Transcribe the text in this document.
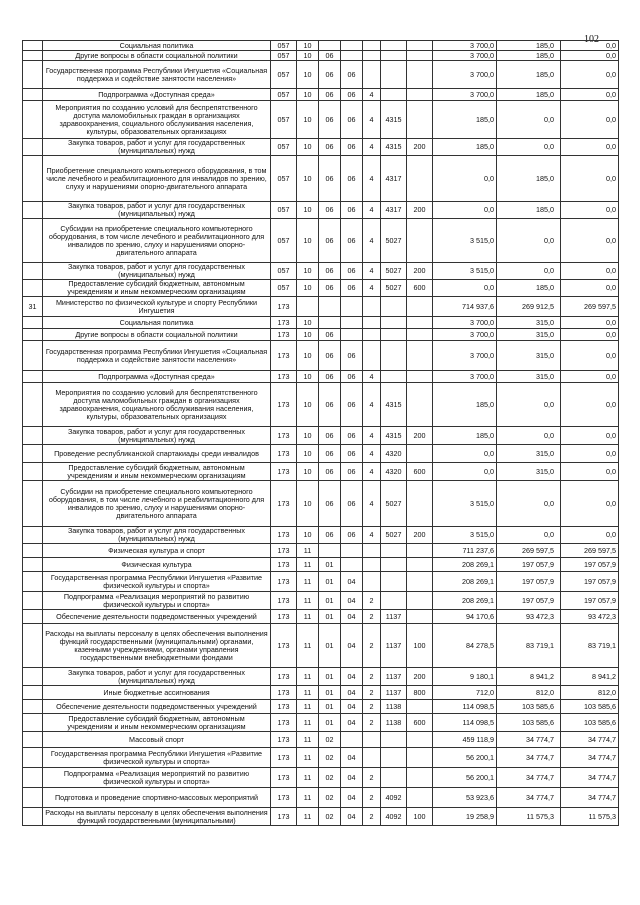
102
	Социальная политика	057	10						3 700,0	185,0	0,0
	Другие вопросы в области социальной политики	057	10	06					3 700,0	185,0	0,0
	Государственная программа Республики Ингушетия «Социальная поддержка и содействие занятости населения»	057	10	06	06				3 700,0	185,0	0,0
	Подпрограмма «Доступная среда»	057	10	06	06	4			3 700,0	185,0	0,0
	Мероприятия по созданию условий для беспрепятственного доступа маломобильных граждан в организациях здравоохранения, социального обслуживания населения, культуры, образовательных организациях	057	10	06	06	4	4315		185,0	0,0	0,0
	Закупка товаров, работ и услуг для государственных (муниципальных) нужд	057	10	06	06	4	4315	200	185,0	0,0	0,0
	Приобретение специального компьютерного оборудования, в том числе лечебного и реабилитационного для инвалидов по зрению, слуху и нарушениями опорно-двигательного аппарата	057	10	06	06	4	4317		0,0	185,0	0,0
	Закупка товаров, работ и услуг для государственных (муниципальных) нужд	057	10	06	06	4	4317	200	0,0	185,0	0,0
	Субсидии на приобретение специального компьютерного оборудования, в том числе лечебного и реабилитационного для инвалидов по зрению, слуху и нарушениями опорно-двигательного аппарата	057	10	06	06	4	5027		3 515,0	0,0	0,0
	Закупка товаров, работ и услуг для государственных (муниципальных) нужд	057	10	06	06	4	5027	200	3 515,0	0,0	0,0
	Предоставление субсидий бюджетным, автономным учреждениям и иным некоммерческим организациям	057	10	06	06	4	5027	600	0,0	185,0	0,0
31	Министерство по физической культуре и спорту Республики Ингушетия	173							714 937,6	269 912,5	269 597,5
	Социальная политика	173	10						3 700,0	315,0	0,0
	Другие вопросы в области социальной политики	173	10	06					3 700,0	315,0	0,0
	Государственная программа Республики Ингушетия «Социальная поддержка и содействие занятости населения»	173	10	06	06				3 700,0	315,0	0,0
	Подпрограмма «Доступная среда»	173	10	06	06	4			3 700,0	315,0	0,0
	Мероприятия по созданию условий для беспрепятственного доступа маломобильных граждан в организациях здравоохранения, социального обслуживания населения, культуры, образовательных организациях	173	10	06	06	4	4315		185,0	0,0	0,0
	Закупка товаров, работ и услуг для государственных (муниципальных) нужд	173	10	06	06	4	4315	200	185,0	0,0	0,0
	Проведение республиканской спартакиады среди инвалидов	173	10	06	06	4	4320		0,0	315,0	0,0
	Предоставление субсидий бюджетным, автономным учреждениям и иным некоммерческим организациям	173	10	06	06	4	4320	600	0,0	315,0	0,0
	Субсидии на приобретение специального компьютерного оборудования, в том числе лечебного и реабилитационного для инвалидов по зрению, слуху и нарушениями опорно-двигательного аппарата	173	10	06	06	4	5027		3 515,0	0,0	0,0
	Закупка товаров, работ и услуг для государственных (муниципальных) нужд	173	10	06	06	4	5027	200	3 515,0	0,0	0,0
	Физическая культура и спорт	173	11						711 237,6	269 597,5	269 597,5
	Физическая культура	173	11	01					208 269,1	197 057,9	197 057,9
	Государственная программа Республики Ингушетия «Развитие физической культуры и спорта»	173	11	01	04				208 269,1	197 057,9	197 057,9
	Подпрограмма «Реализация мероприятий по развитию физической культуры и спорта»	173	11	01	04	2			208 269,1	197 057,9	197 057,9
	Обеспечение деятельности подведомственных учреждений	173	11	01	04	2	1137		94 170,6	93 472,3	93 472,3
	Расходы на выплаты персоналу в целях обеспечения выполнения функций государственными (муниципальными) органами, казенными учреждениями, органами управления государственными внебюджетными фондами	173	11	01	04	2	1137	100	84 278,5	83 719,1	83 719,1
	Закупка товаров, работ и услуг для государственных (муниципальных) нужд	173	11	01	04	2	1137	200	9 180,1	8 941,2	8 941,2
	Иные бюджетные ассигнования	173	11	01	04	2	1137	800	712,0	812,0	812,0
	Обеспечение деятельности подведомственных учреждений	173	11	01	04	2	1138		114 098,5	103 585,6	103 585,6
	Предоставление субсидий бюджетным, автономным учреждениям и иным некоммерческим организациям	173	11	01	04	2	1138	600	114 098,5	103 585,6	103 585,6
	Массовый спорт	173	11	02					459 118,9	34 774,7	34 774,7
	Государственная программа Республики Ингушетия «Развитие физической культуры и спорта»	173	11	02	04				56 200,1	34 774,7	34 774,7
	Подпрограмма «Реализация мероприятий по развитию физической культуры и спорта»	173	11	02	04	2			56 200,1	34 774,7	34 774,7
	Подготовка и проведение спортивно-массовых мероприятий	173	11	02	04	2	4092		53 923,6	34 774,7	34 774,7
	Расходы на выплаты персоналу в целях обеспечения выполнения функций государственными (муниципальными)	173	11	02	04	2	4092	100	19 258,9	11 575,3	11 575,3
